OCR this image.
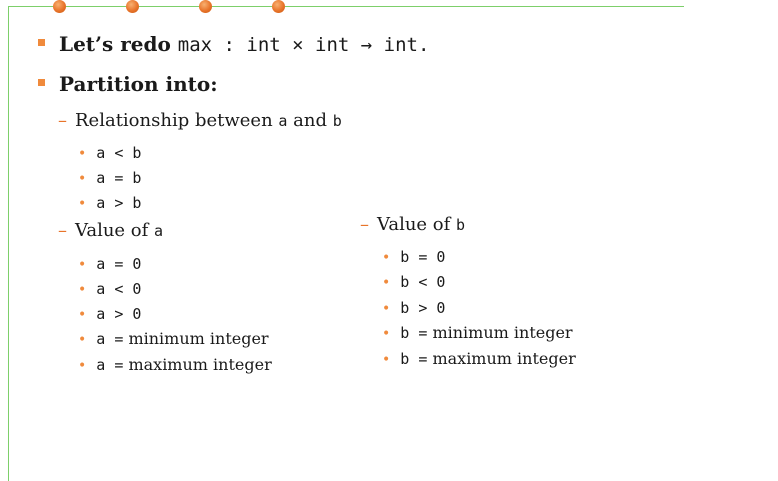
Let’s redo max : int × int → int.
Partition into:
– Relationship between a and b
• a < b
• a = b
• a > b
– Value of a
• a = 0
• a < 0
• a > 0
• a = minimum integer
• a = maximum integer
– Value of b
• b = 0
• b < 0
• b > 0
• b = minimum integer
• b = maximum integer
